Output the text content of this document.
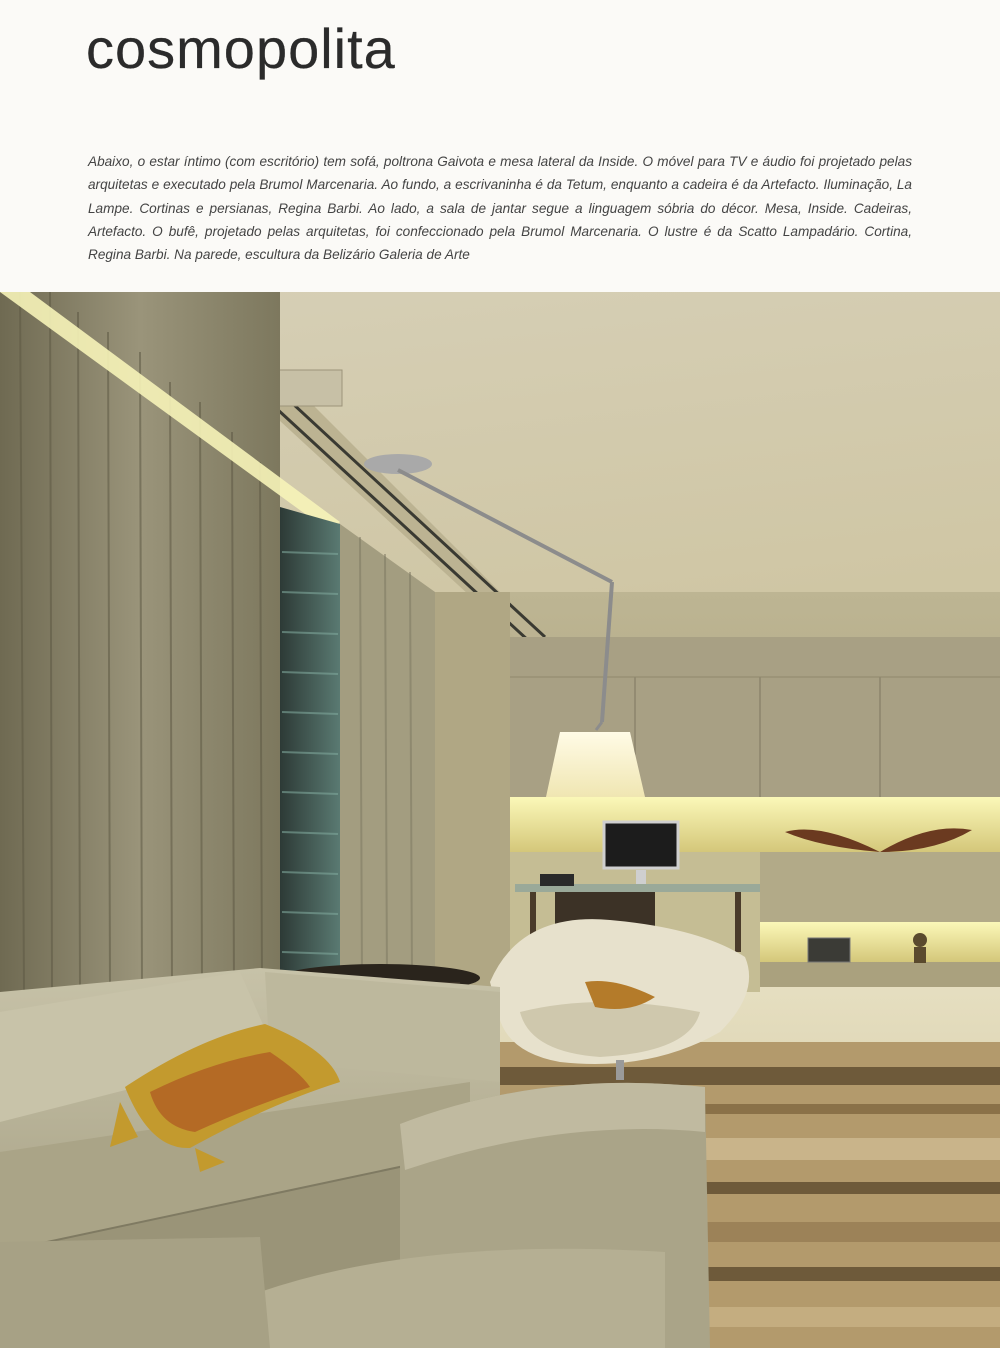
cosmopolita

Abaixo, o estar íntimo (com escritório) tem sofá, poltrona Gaivota e mesa lateral da Inside. O móvel para TV e áudio foi projetado pelas arquitetas e executado pela Brumol Marcenaria. Ao fundo, a escrivaninha é da Tetum, enquanto a cadeira é da Artefacto. Iluminação, La Lampe. Cortinas e persianas, Regina Barbi. Ao lado, a sala de jantar segue a linguagem sóbria do décor. Mesa, Inside. Cadeiras, Artefacto. O bufê, projetado pelas arquitetas, foi confeccionado pela Brumol Marcenaria. O lustre é da Scatto Lampadário. Cortina, Regina Barbi. Na parede, escultura da Belizário Galeria de Arte
